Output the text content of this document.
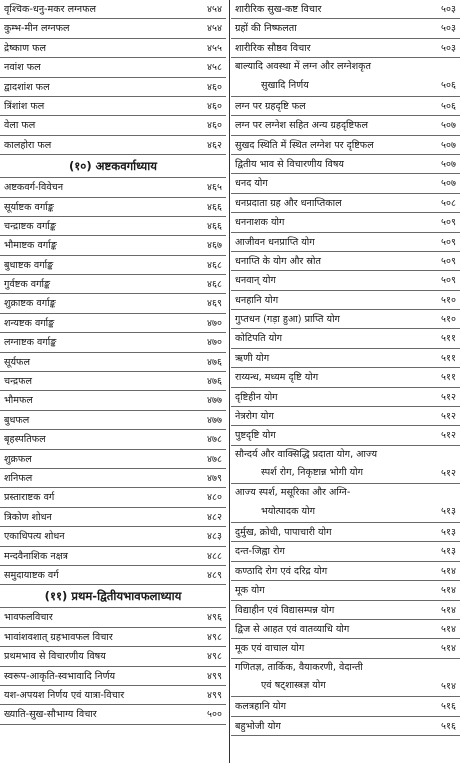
वृश्चिक-धनु-मकर लग्नफल	४५४
कुम्भ-मीन लग्नफल	४५४
द्रेष्काण फल	४५५
नवांश फल	४५८
द्वादशांश फल	४६०
त्रिंशांश फल	४६०
वेला फल	४६०
कालहोरा फल	४६२
(१०) अष्टकवर्गाध्याय
अष्टकवर्ग-विवेचन	४६५
सूर्याष्टक वर्गाङ्क	४६६
चन्द्राष्टक वर्गाङ्क	४६६
भौमाष्टक वर्गाङ्क	४६७
बुधाष्टक वर्गाङ्क	४६८
गुर्वष्टक वर्गाङ्क	४६८
शुक्राष्टक वर्गाङ्क	४६९
शन्यष्टक वर्गाङ्क	४७०
लग्नाष्टक वर्गाङ्क	४७०
सूर्यफल	४७६
चन्द्रफल	४७६
भौमफल	४७७
बुधफल	४७७
बृहस्पतिफल	४७८
शुक्रफल	४७८
शनिफल	४७९
प्रस्ताराष्टक वर्ग	४८०
त्रिकोण शोधन	४८२
एकाधिपत्य शोधन	४८३
मन्दवैनाशिक नक्षत्र	४८८
समुदायाष्टक वर्ग	४८९
(११) प्रथम-द्वितीयभावफलाध्याय
भावफलविचार	४९६
भावांशवशात् ग्रहभावफल विचार	४९८
प्रथमभाव से विचारणीय विषय	४९८
स्वरूप-आकृति-स्वभावादि निर्णय	४९९
यश-अपयश निर्णय एवं यात्रा-विचार	४९९
ख्याति-सुख-सौभाग्य विचार	५००
शारीरिक सुख-कष्ट विचार	५०३
ग्रहों की निष्फलता	५०३
शारीरिक सौष्ठव विचार	५०३
बाल्यादि अवस्था में लग्न और लग्नेशकृत
सुखादि निर्णय	५०६
लग्न पर ग्रहदृष्टि फल	५०६
लग्न पर लग्नेश सहित अन्य ग्रहदृष्टिफल	५०७
सुखद स्थिति में स्थित लग्नेश पर दृष्टिफल	५०७
द्वितीय भाव से विचारणीय विषय	५०७
धनद योग	५०७
धनप्रदाता ग्रह और धनाप्तिकाल	५०८
धननाशक योग	५०९
आजीवन धनप्राप्ति योग	५०९
धनाप्ति के योग और स्रोत	५०९
धनवान् योग	५०९
धनहानि योग	५१०
गुप्तधन (गड़ा हुआ) प्राप्ति योग	५१०
कोटिपति योग	५११
ऋणी योग	५११
राय्यन्ध, मध्यम दृष्टि योग	५११
दृष्टिहीन योग	५१२
नेत्ररोग योग	५१२
पुष्टदृष्टि योग	५१२
सौन्दर्य और वाक्सिद्धि प्रदाता योग, आज्य
स्पर्श रोग, निकृष्टान्न भोगी योग	५१२
आज्य स्पर्श, मसूरिका और अग्नि-
भयोत्पादक योग	५१३
दुर्मुख, क्रोधी, पापाचारी योग	५१३
दन्त-जिह्वा रोग	५१३
कण्ठादि रोग एवं दरिद्र योग	५१४
मूक योग	५१४
विद्याहीन एवं विद्यासम्पन्न योग	५१४
द्विज से आहत एवं वातव्याधि योग	५१४
मूक एवं वाचाल योग	५१४
गणितज्ञ, तार्किक, वैयाकरणी, वेदान्ती
एवं षट्शास्त्रज्ञ योग	५१४
कलत्रहानि योग	५१६
बहुभोजी योग	५१६
